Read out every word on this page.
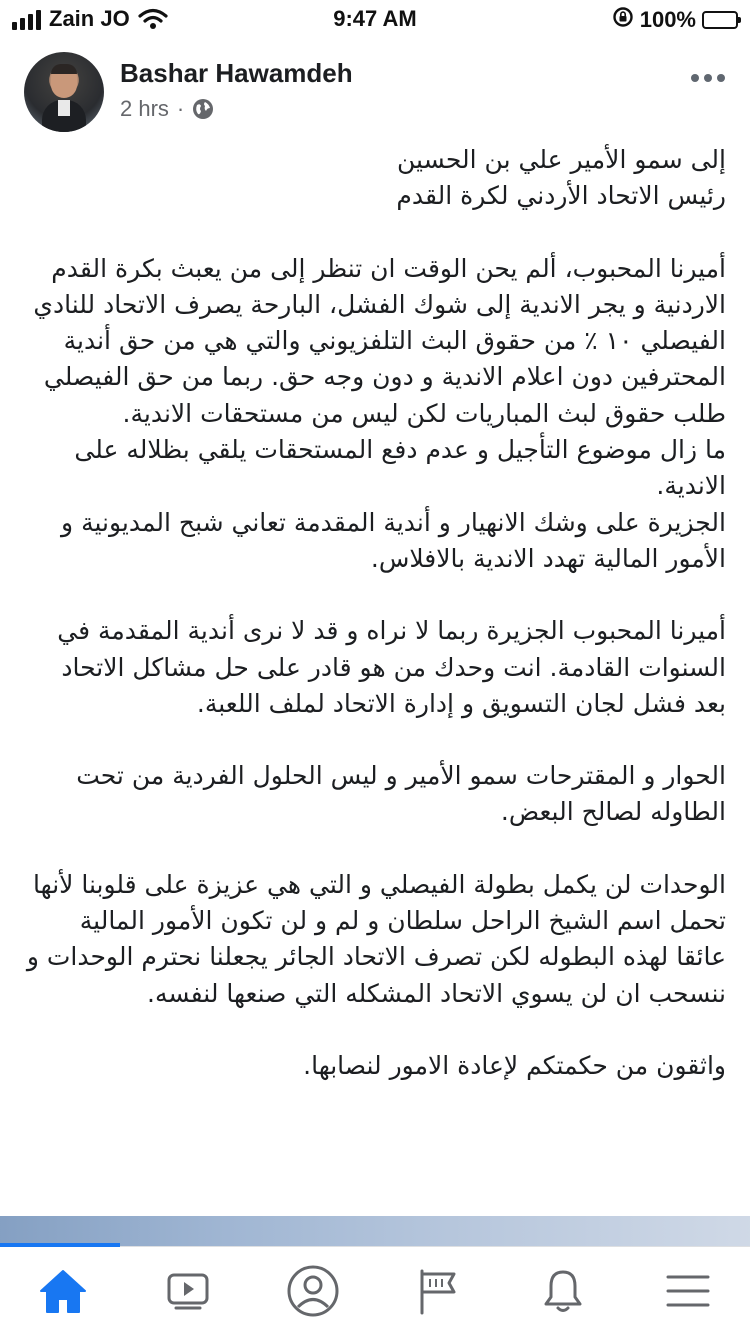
Zain JO	9:47 AM	100%
Bashar Hawamdeh
2 hrs ·

إلى سمو الأمير علي بن الحسين

رئيس الاتحاد الأردني لكرة القدم

أميرنا المحبوب، ألم يحن الوقت ان تنظر إلى من يعبث بكرة القدم الاردنية و يجر الاندية إلى شوك الفشل، البارحة يصرف الاتحاد للنادي الفيصلي ١٠ ٪ من حقوق البث التلفزيوني والتي هي من حق أندية المحترفين دون اعلام الاندية و دون وجه حق. ربما من حق الفيصلي طلب حقوق لبث المباريات لكن ليس من مستحقات الاندية.

ما زال موضوع التأجيل و عدم دفع المستحقات يلقي بظلاله على الاندية.

الجزيرة على وشك الانهيار و أندية المقدمة تعاني شبح المديونية و الأمور المالية تهدد الاندية بالافلاس.

أميرنا المحبوب الجزيرة ربما لا نراه و قد لا نرى أندية المقدمة في السنوات القادمة. انت وحدك من هو قادر على حل مشاكل الاتحاد بعد فشل لجان التسويق و إدارة الاتحاد لملف اللعبة.

الحوار و المقترحات سمو الأمير و ليس الحلول الفردية من تحت الطاوله لصالح البعض.

الوحدات لن يكمل بطولة الفيصلي و التي هي عزيزة على قلوبنا لأنها تحمل اسم الشيخ الراحل سلطان و لم و لن تكون الأمور المالية عائقا لهذه البطوله لكن تصرف الاتحاد الجائر يجعلنا نحترم الوحدات و ننسحب ان لن يسوي الاتحاد المشكله التي صنعها لنفسه.

واثقون من حكمتكم لإعادة الامور لنصابها.
